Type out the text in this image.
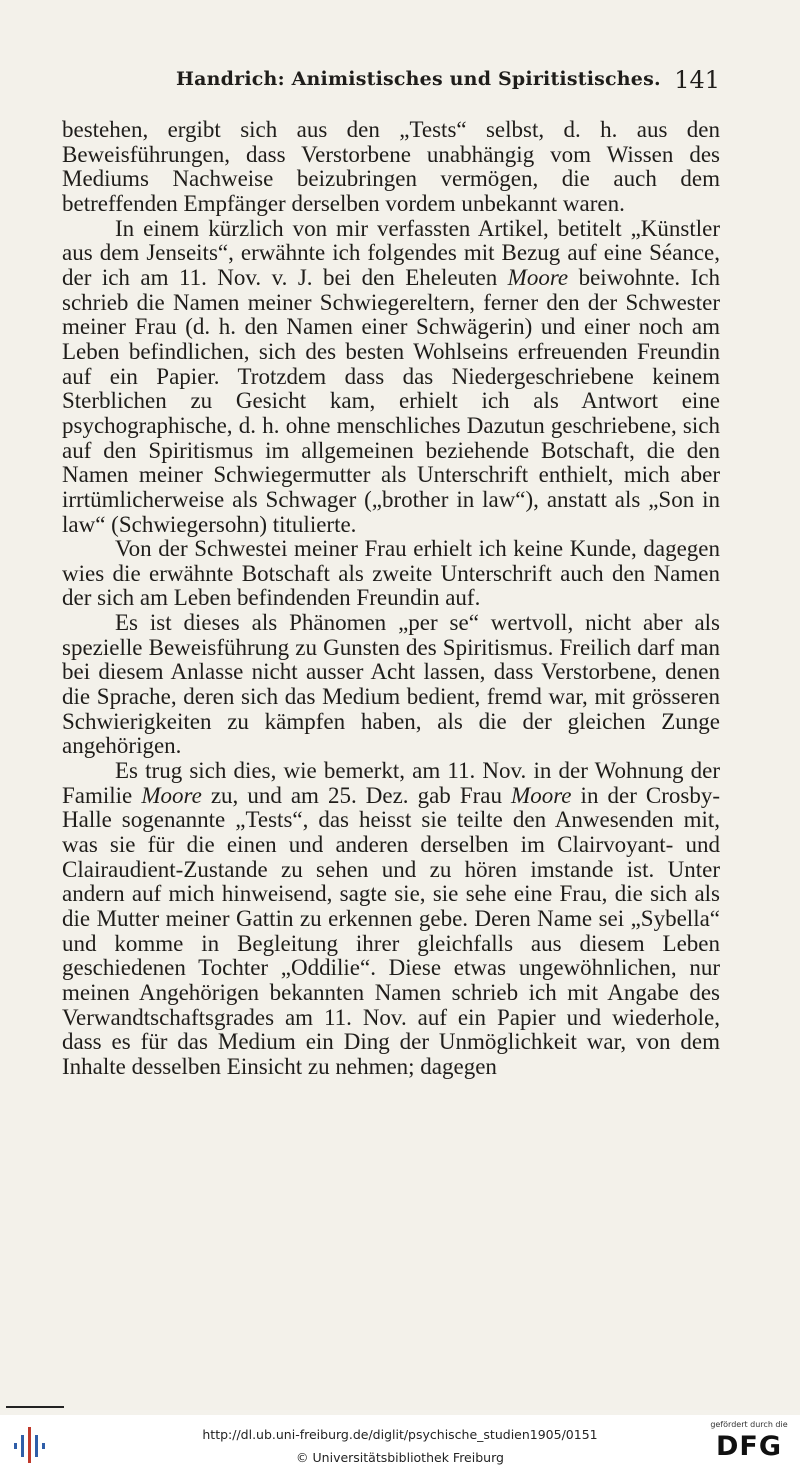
Handrich: Animistisches und Spiritistisches. 141

bestehen, ergibt sich aus den „Tests“ selbst, d. h. aus den Beweisführungen, dass Verstorbene unabhängig vom Wissen des Mediums Nachweise beizubringen vermögen, die auch dem betreffenden Empfänger derselben vordem unbekannt waren.

In einem kürzlich von mir verfassten Artikel, betitelt „Künstler aus dem Jenseits“, erwähnte ich folgendes mit Bezug auf eine Séance, der ich am 11. Nov. v. J. bei den Eheleuten Moore beiwohnte. Ich schrieb die Namen meiner Schwiegereltern, ferner den der Schwester meiner Frau (d. h. den Namen einer Schwägerin) und einer noch am Leben befindlichen, sich des besten Wohlseins erfreuenden Freundin auf ein Papier. Trotzdem dass das Niedergeschriebene keinem Sterblichen zu Gesicht kam, erhielt ich als Antwort eine psychographische, d. h. ohne menschliches Dazutun geschriebene, sich auf den Spiritismus im allgemeinen beziehende Botschaft, die den Namen meiner Schwiegermutter als Unterschrift enthielt, mich aber irrtümlicherweise als Schwager („brother in law“), anstatt als „Son in law“ (Schwiegersohn) titulierte.

Von der Schwestei meiner Frau erhielt ich keine Kunde, dagegen wies die erwähnte Botschaft als zweite Unterschrift auch den Namen der sich am Leben befindenden Freundin auf.

Es ist dieses als Phänomen „per se“ wertvoll, nicht aber als spezielle Beweisführung zu Gunsten des Spiritismus. Freilich darf man bei diesem Anlasse nicht ausser Acht lassen, dass Verstorbene, denen die Sprache, deren sich das Medium bedient, fremd war, mit grösseren Schwierigkeiten zu kämpfen haben, als die der gleichen Zunge angehörigen.

Es trug sich dies, wie bemerkt, am 11. Nov. in der Wohnung der Familie Moore zu, und am 25. Dez. gab Frau Moore in der Crosby-Halle sogenannte „Tests“, das heisst sie teilte den Anwesenden mit, was sie für die einen und anderen derselben im Clairvoyant- und Clairaudient-Zustande zu sehen und zu hören imstande ist. Unter andern auf mich hinweisend, sagte sie, sie sehe eine Frau, die sich als die Mutter meiner Gattin zu erkennen gebe. Deren Name sei „Sybella“ und komme in Begleitung ihrer gleichfalls aus diesem Leben geschiedenen Tochter „Oddilie“. Diese etwas ungewöhnlichen, nur meinen Angehörigen bekannten Namen schrieb ich mit Angabe des Verwandtschaftsgrades am 11. Nov. auf ein Papier und wiederhole, dass es für das Medium ein Ding der Unmöglichkeit war, von dem Inhalte desselben Einsicht zu nehmen; dagegen

http://dl.ub.uni-freiburg.de/diglit/psychische_studien1905/0151
© Universitätsbibliothek Freiburg
gefördert durch die
DFG
